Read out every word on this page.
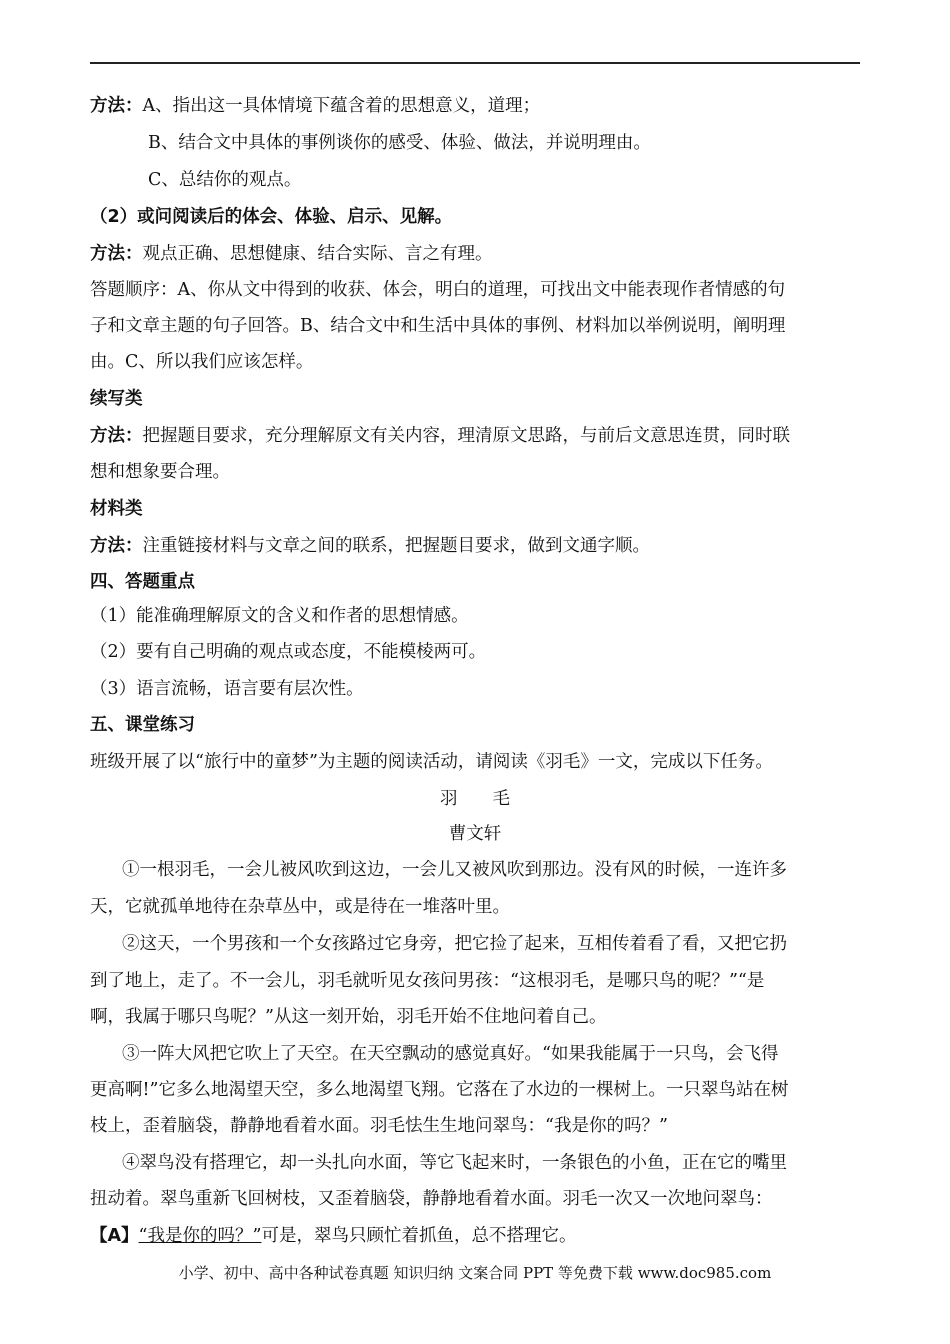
方法：A、指出这一具体情境下蕴含着的思想意义，道理；
B、结合文中具体的事例谈你的感受、体验、做法，并说明理由。
C、总结你的观点。
（2）或问阅读后的体会、体验、启示、见解。
方法：观点正确、思想健康、结合实际、言之有理。
答题顺序：A、你从文中得到的收获、体会，明白的道理，可找出文中能表现作者情感的句
子和文章主题的句子回答。B、结合文中和生活中具体的事例、材料加以举例说明，阐明理
由。C、所以我们应该怎样。
续写类
方法：把握题目要求，充分理解原文有关内容，理清原文思路，与前后文意思连贯，同时联
想和想象要合理。
材料类
方法：注重链接材料与文章之间的联系，把握题目要求，做到文通字顺。
四、答题重点
（1）能准确理解原文的含义和作者的思想情感。
（2）要有自己明确的观点或态度，不能模棱两可。
（3）语言流畅，语言要有层次性。
五、课堂练习
班级开展了以“旅行中的童梦”为主题的阅读活动，请阅读《羽毛》一文，完成以下任务。
羽　　毛
曹文轩
①一根羽毛，一会儿被风吹到这边，一会儿又被风吹到那边。没有风的时候，一连许多
天，它就孤单地待在杂草丛中，或是待在一堆落叶里。
②这天，一个男孩和一个女孩路过它身旁，把它捡了起来，互相传着看了看，又把它扔
到了地上，走了。不一会儿，羽毛就听见女孩问男孩：“这根羽毛，是哪只鸟的呢？”“是
啊，我属于哪只鸟呢？”从这一刻开始，羽毛开始不住地问着自己。
③一阵大风把它吹上了天空。在天空飘动的感觉真好。“如果我能属于一只鸟，会飞得
更高啊!”它多么地渴望天空，多么地渴望飞翔。它落在了水边的一棵树上。一只翠鸟站在树
枝上，歪着脑袋，静静地看着水面。羽毛怯生生地问翠鸟：“我是你的吗？”
④翠鸟没有搭理它，却一头扎向水面，等它飞起来时，一条银色的小鱼，正在它的嘴里
扭动着。翠鸟重新飞回树枝，又歪着脑袋，静静地看着水面。羽毛一次又一次地问翠鸟：
【A】“我是你的吗？”可是，翠鸟只顾忙着抓鱼，总不搭理它。
小学、初中、高中各种试卷真题 知识归纳 文案合同 PPT 等免费下载 www.doc985.com
